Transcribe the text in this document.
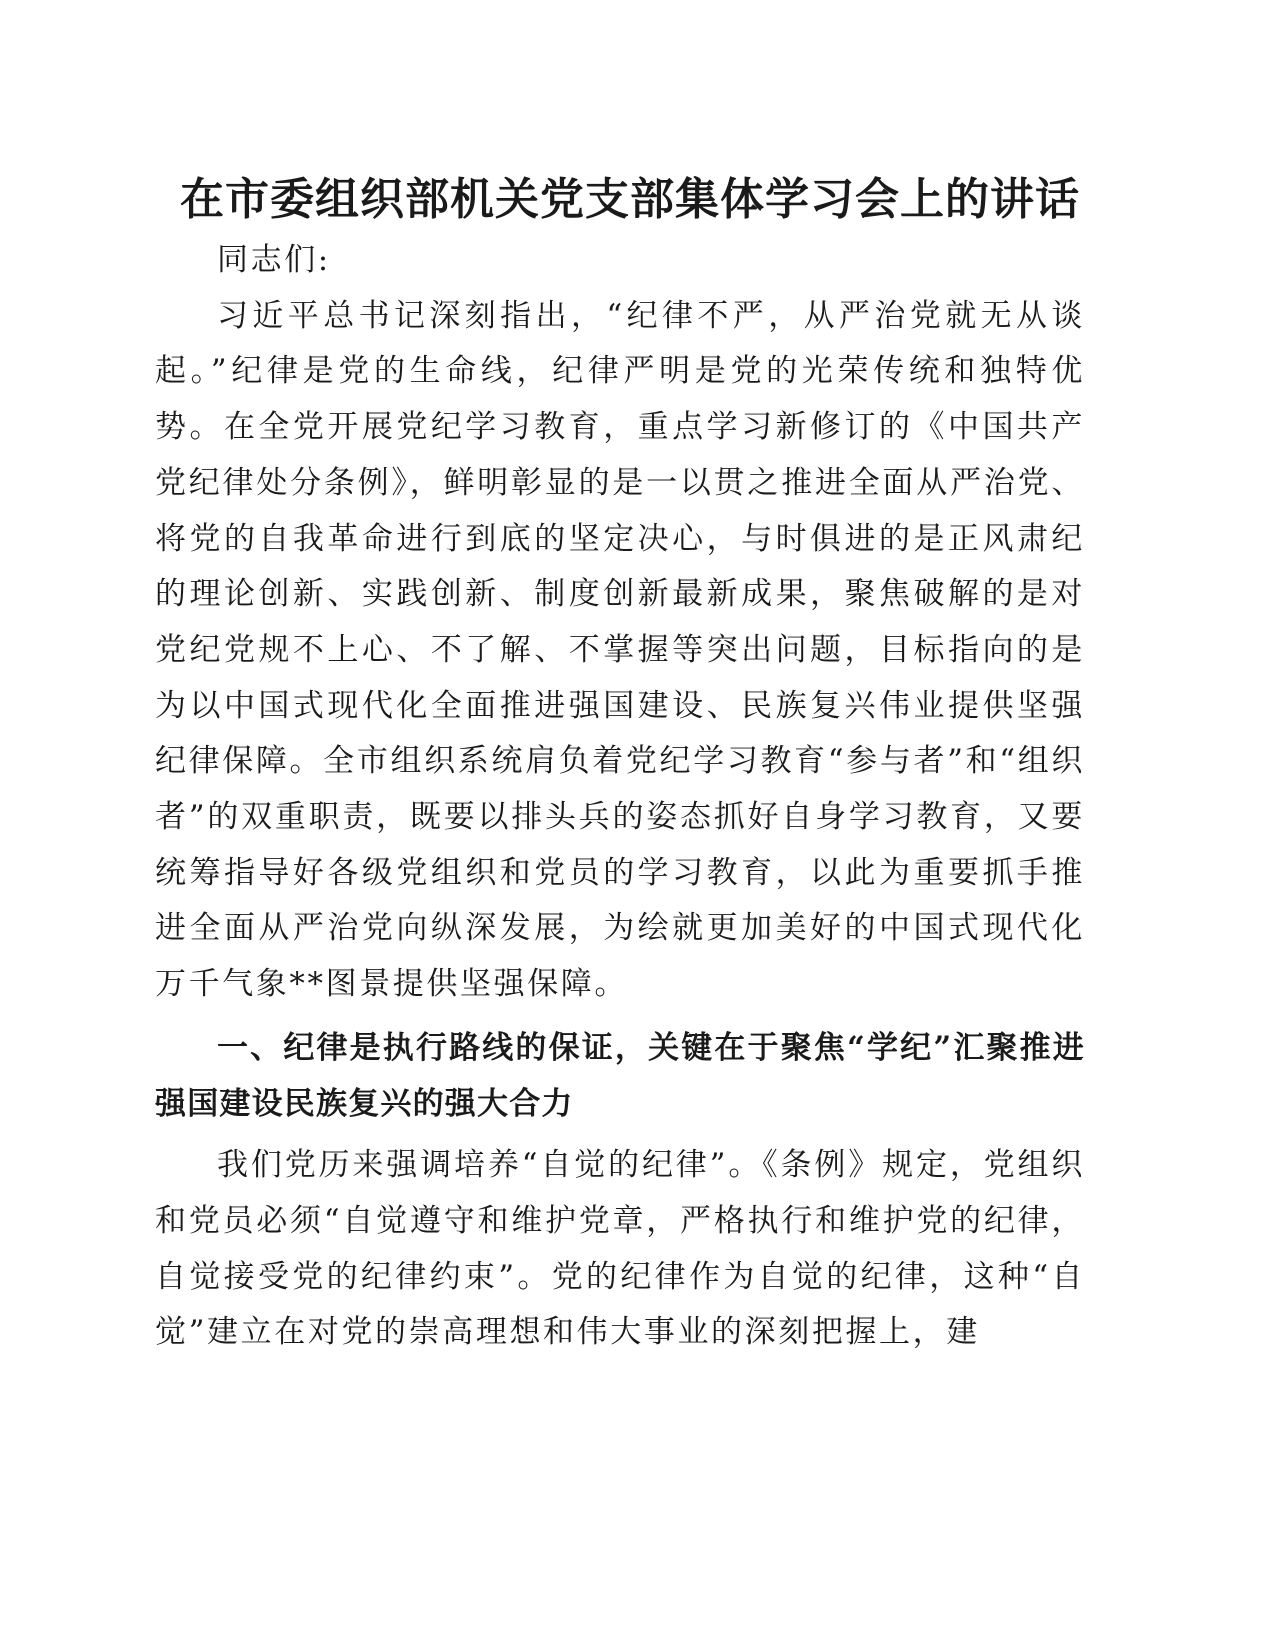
在市委组织部机关党支部集体学习会上的讲话

同志们:

习近平总书记深刻指出，“纪律不严，从严治党就无从谈起。”纪律是党的生命线，纪律严明是党的光荣传统和独特优势。在全党开展党纪学习教育，重点学习新修订的《中国共产党纪律处分条例》，鲜明彰显的是一以贯之推进全面从严治党、将党的自我革命进行到底的坚定决心，与时俱进的是正风肃纪的理论创新、实践创新、制度创新最新成果，聚焦破解的是对党纪党规不上心、不了解、不掌握等突出问题，目标指向的是为以中国式现代化全面推进强国建设、民族复兴伟业提供坚强纪律保障。全市组织系统肩负着党纪学习教育“参与者”和“组织者”的双重职责，既要以排头兵的姿态抓好自身学习教育，又要统筹指导好各级党组织和党员的学习教育，以此为重要抓手推进全面从严治党向纵深发展，为绘就更加美好的中国式现代化万千气象**图景提供坚强保障。

一、纪律是执行路线的保证，关键在于聚焦“学纪”汇聚推进强国建设民族复兴的强大合力

我们党历来强调培养“自觉的纪律”。《条例》规定，党组织和党员必须“自觉遵守和维护党章，严格执行和维护党的纪律，自觉接受党的纪律约束”。党的纪律作为自觉的纪律，这种“自觉”建立在对党的崇高理想和伟大事业的深刻把握上，建
